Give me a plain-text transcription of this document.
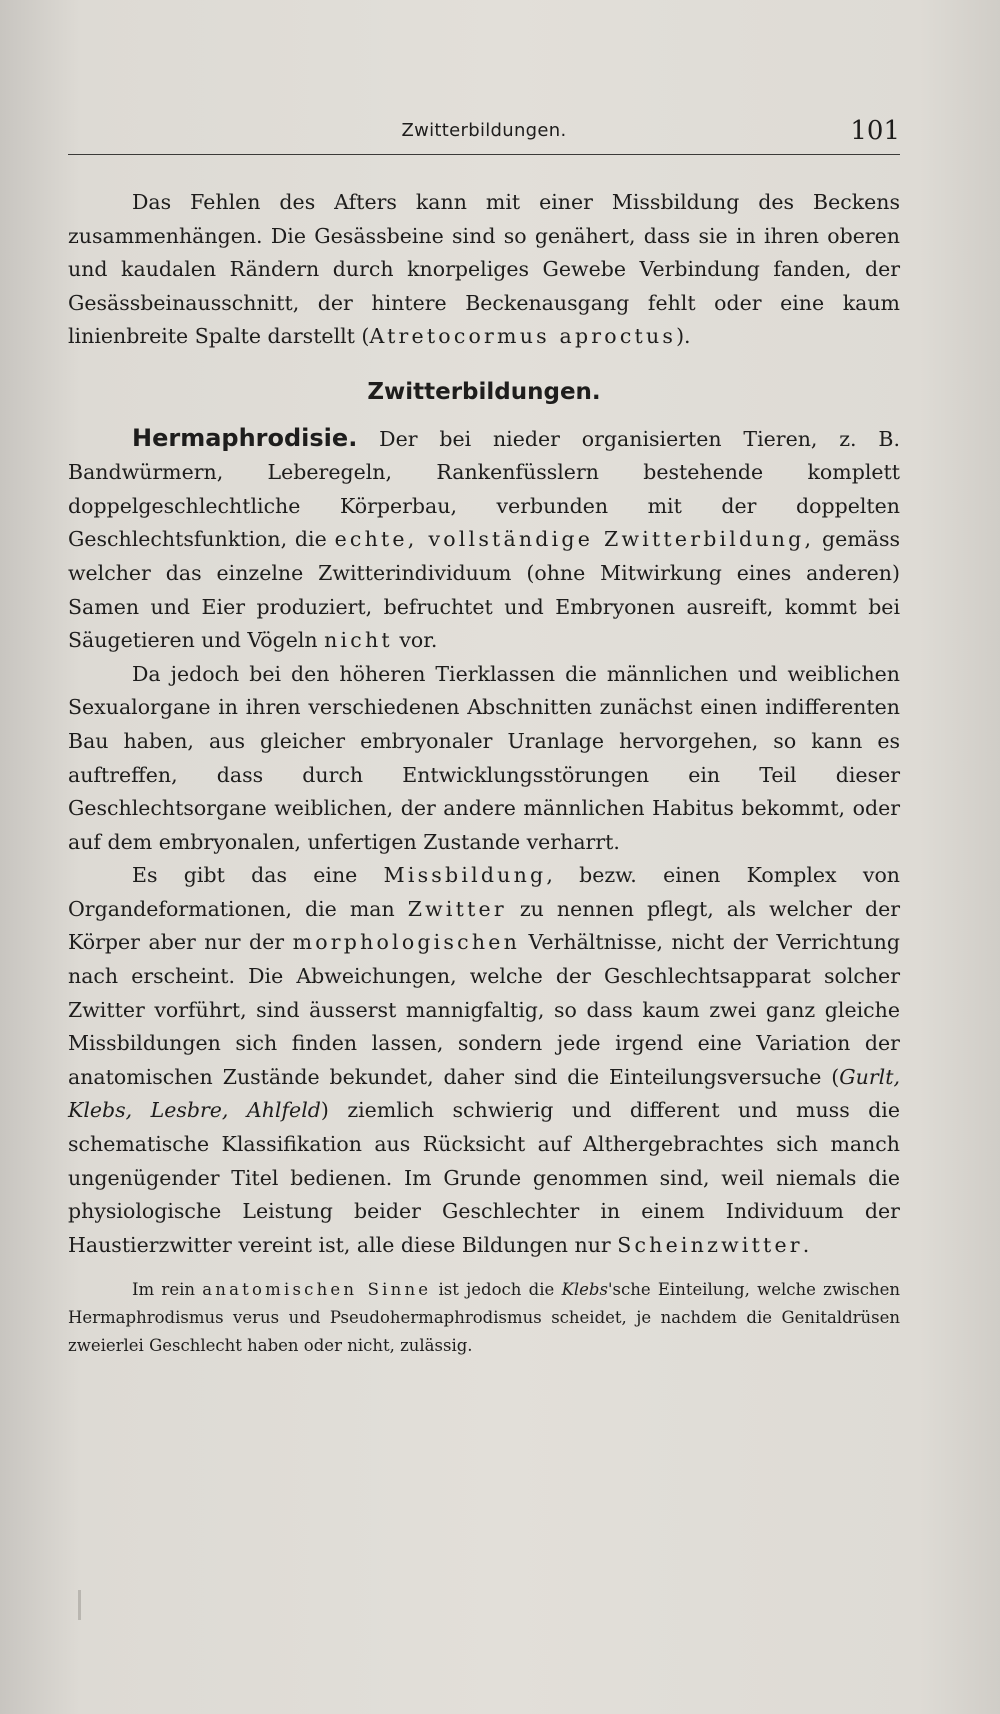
Zwitterbildungen.	101

Das Fehlen des Afters kann mit einer Missbildung des Beckens zusammenhängen. Die Gesässbeine sind so genähert, dass sie in ihren oberen und kaudalen Rändern durch knorpeliges Gewebe Verbindung fanden, der Gesässbeinausschnitt, der hintere Beckenausgang fehlt oder eine kaum linienbreite Spalte darstellt (Atretocormus aproctus).

Zwitterbildungen.

Hermaphrodisie. Der bei nieder organisierten Tieren, z. B. Bandwürmern, Leberegeln, Rankenfüsslern bestehende komplett doppelgeschlechtliche Körperbau, verbunden mit der doppelten Geschlechtsfunktion, die echte, vollständige Zwitterbildung, gemäss welcher das einzelne Zwitterindividuum (ohne Mitwirkung eines anderen) Samen und Eier produziert, befruchtet und Embryonen ausreift, kommt bei Säugetieren und Vögeln nicht vor.

Da jedoch bei den höheren Tierklassen die männlichen und weiblichen Sexualorgane in ihren verschiedenen Abschnitten zunächst einen indifferenten Bau haben, aus gleicher embryonaler Uranlage hervorgehen, so kann es auftreffen, dass durch Entwicklungsstörungen ein Teil dieser Geschlechtsorgane weiblichen, der andere männlichen Habitus bekommt, oder auf dem embryonalen, unfertigen Zustande verharrt.

Es gibt das eine Missbildung, bezw. einen Komplex von Organdeformationen, die man Zwitter zu nennen pflegt, als welcher der Körper aber nur der morphologischen Verhältnisse, nicht der Verrichtung nach erscheint. Die Abweichungen, welche der Geschlechtsapparat solcher Zwitter vorführt, sind äusserst mannigfaltig, so dass kaum zwei ganz gleiche Missbildungen sich finden lassen, sondern jede irgend eine Variation der anatomischen Zustände bekundet, daher sind die Einteilungsversuche (Gurlt, Klebs, Lesbre, Ahlfeld) ziemlich schwierig und different und muss die schematische Klassifikation aus Rücksicht auf Althergebrachtes sich manch ungenügender Titel bedienen. Im Grunde genommen sind, weil niemals die physiologische Leistung beider Geschlechter in einem Individuum der Haustierzwitter vereint ist, alle diese Bildungen nur Scheinzwitter.

Im rein anatomischen Sinne ist jedoch die Klebs'sche Einteilung, welche zwischen Hermaphrodismus verus und Pseudohermaphrodismus scheidet, je nachdem die Genitaldrüsen zweierlei Geschlecht haben oder nicht, zulässig.
